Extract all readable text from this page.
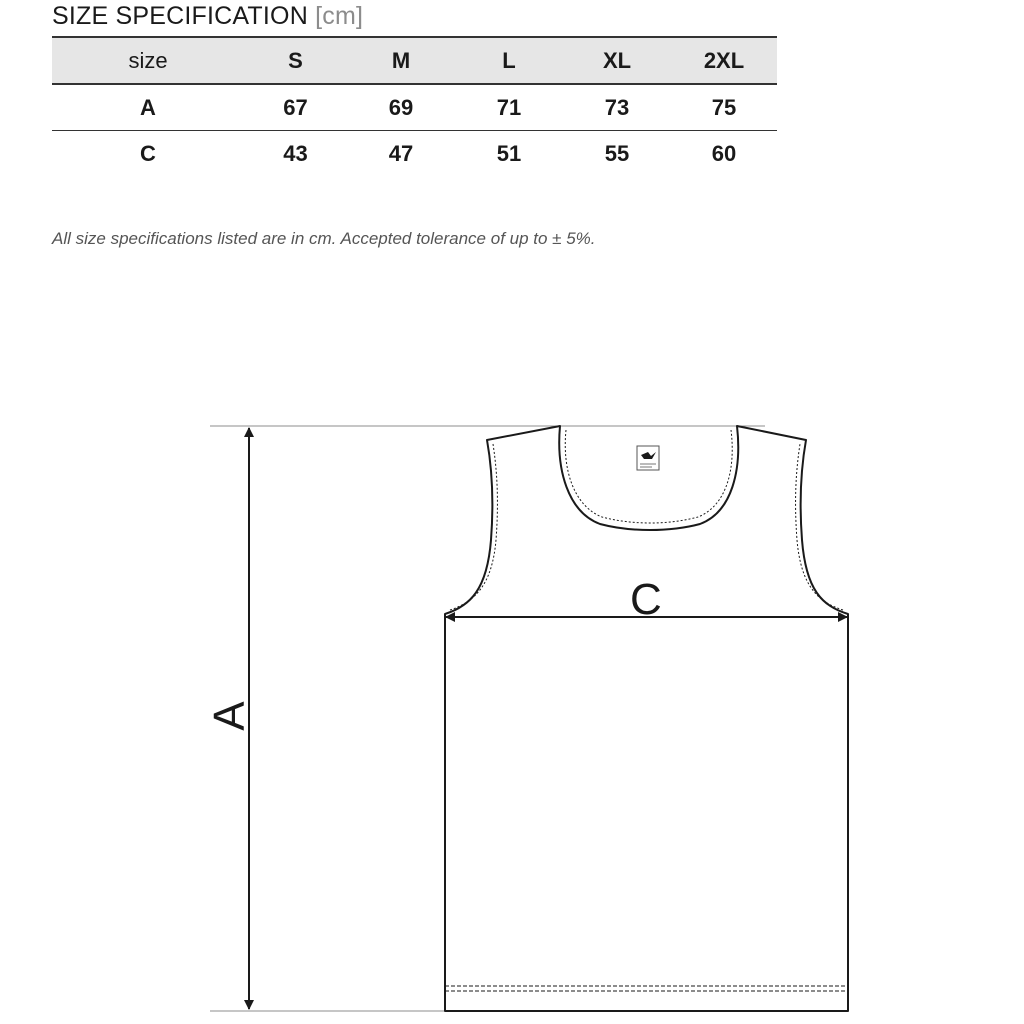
SIZE SPECIFICATION [cm]
size	S	M	L	XL	2XL
A	67	69	71	73	75
C	43	47	51	55	60

All size specifications listed are in cm. Accepted tolerance of up to ± 5%.

C
A
